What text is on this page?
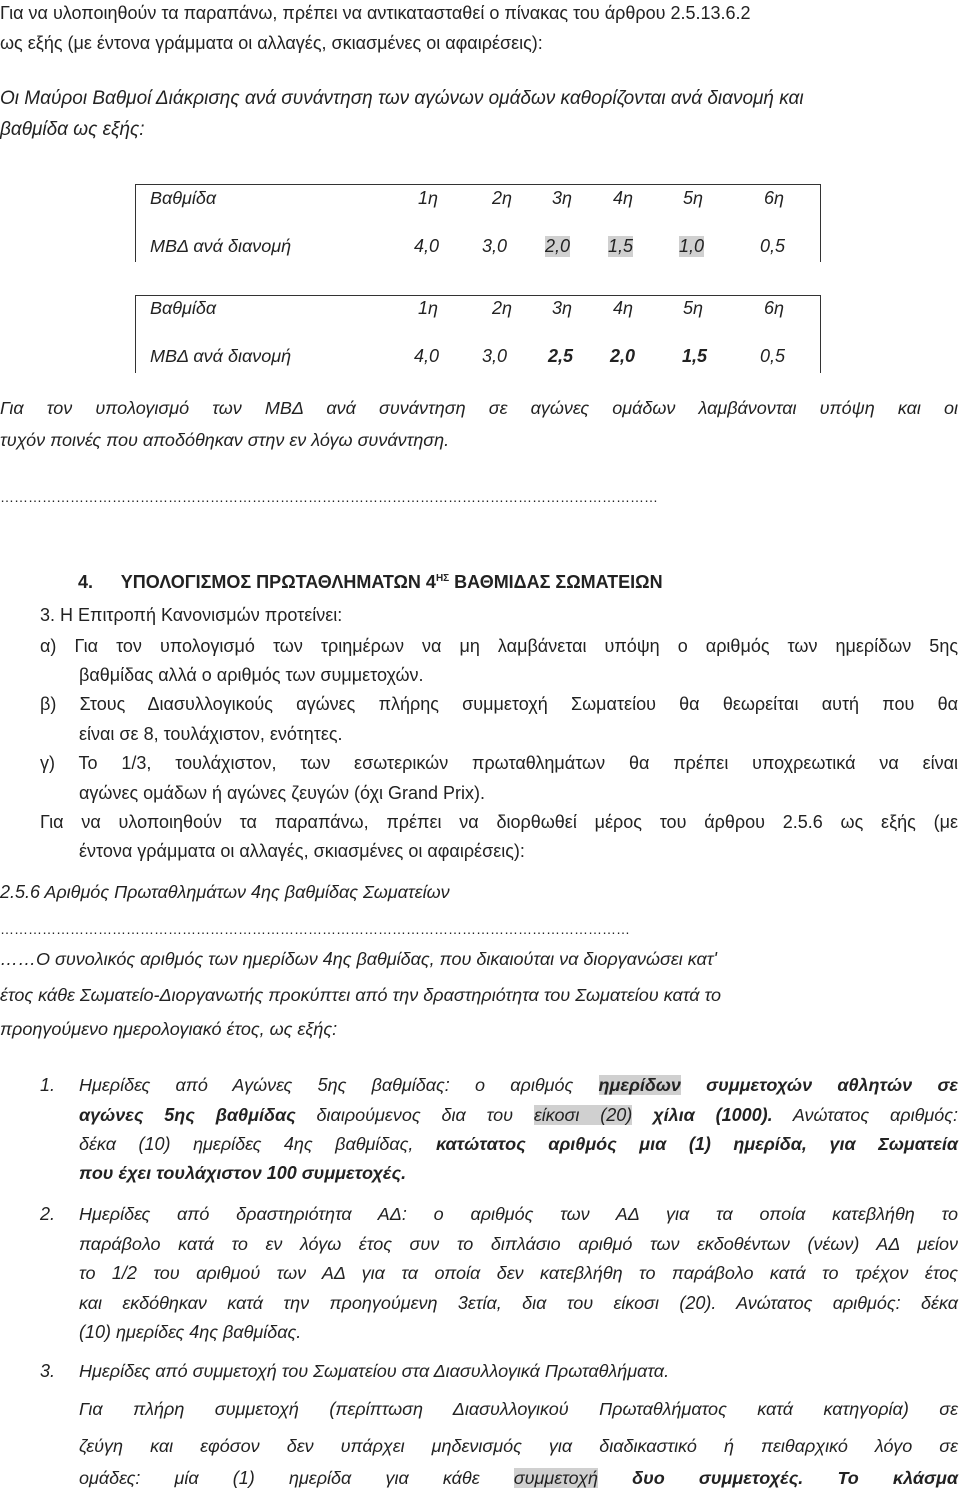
Για να υλοποιηθούν τα παραπάνω, πρέπει να αντικατασταθεί ο πίνακας του άρθρου 2.5.13.6.2
ως εξής (με έντονα γράμματα οι αλλαγές, σκιασμένες οι αφαιρέσεις):
Οι Μαύροι Βαθμοί Διάκρισης ανά συνάντηση των αγώνων ομάδων καθορίζονται ανά διανομή και
βαθμίδα ως εξής:
Βαθμίδα	1η	2η 3η 4η	5η	6η
ΜΒΔ ανά διανομή	4,0 3,0 2,0 1,5	1,0	0,5
Βαθμίδα	1η	2η 3η 4η	5η	6η
ΜΒΔ ανά διανομή	4,0 3,0 2,5 2,0	1,5	0,5
Για τον υπολογισμό των ΜΒΔ ανά συνάντηση σε αγώνες ομάδων λαμβάνονται υπόψη και οι
τυχόν ποινές που αποδόθηκαν στην εν λόγω συνάντηση.
……………………………………………………………………………………………………………………………
4. ΥΠΟΛΟΓΙΣΜΟΣ ΠΡΩΤΑΘΛΗΜΑΤΩΝ $4^{H\Sigma}$ ΒΑΘΜΙΔΑΣ ΣΩΜΑΤΕΙΩΝ
3. Η Επιτροπή Κανονισμών προτείνει:
α) Για τον υπολογισμό των τριημέρων να μη λαμβάνεται υπόψη ο αριθμός των ημερίδων 5ης
βαθμίδας αλλά ο αριθμός των συμμετοχών.
β) Στους Διασυλλογικούς αγώνες πλήρης συμμετοχή Σωματείου θα θεωρείται αυτή που θα
είναι σε 8, τουλάχιστον, ενότητες.
γ) Το 1/3, τουλάχιστον, των εσωτερικών πρωταθλημάτων θα πρέπει υποχρεωτικά να είναι
αγώνες ομάδων ή αγώνες ζευγών (όχι Grand Prix).
Για να υλοποιηθούν τα παραπάνω, πρέπει να διορθωθεί μέρος του άρθρου 2.5.6 ως εξής (με
έντονα γράμματα οι αλλαγές, σκιασμένες οι αφαιρέσεις):
2.5.6 Αριθμός Πρωταθλημάτων 4ης βαθμίδας Σωματείων
………………………………………………………………………………………………………………………
……Ο συνολικός αριθμός των ημερίδων 4ης βαθμίδας, που δικαιούται να διοργανώσει κατ'
έτος κάθε Σωματείο-Διοργανωτής προκύπτει από την δραστηριότητα του Σωματείου κατά το
προηγούμενο ημερολογιακό έτος, ως εξής:
1. Ημερίδες από Αγώνες 5ης βαθμίδας: ο αριθμός ημερίδων συμμετοχών αθλητών σε
αγώνες 5ης βαθμίδας διαιρούμενος δια του είκοσι (20) χίλια (1000). Ανώτατος αριθμός:
δέκα (10) ημερίδες 4ης βαθμίδας, κατώτατος αριθμός μια (1) ημερίδα, για Σωματεία
που έχει τουλάχιστον 100 συμμετοχές.
2. Ημερίδες από δραστηριότητα ΑΔ: ο αριθμός των ΑΔ για τα οποία κατεβλήθη το
παράβολο κατά το εν λόγω έτος συν το διπλάσιο αριθμό των εκδοθέντων (νέων) ΑΔ μείον
το 1/2 του αριθμού των ΑΔ για τα οποία δεν κατεβλήθη το παράβολο κατά το τρέχον έτος
και εκδόθηκαν κατά την προηγούμενη 3ετία, δια του είκοσι (20). Ανώτατος αριθμός: δέκα
(10) ημερίδες 4ης βαθμίδας.
3. Ημερίδες από συμμετοχή του Σωματείου στα Διασυλλογικά Πρωταθλήματα.
Για πλήρη συμμετοχή (περίπτωση Διασυλλογικού Πρωταθλήματος κατά κατηγορία) σε
ζεύγη και εφόσον δεν υπάρχει μηδενισμός για διαδικαστικό ή πειθαρχικό λόγο σε
ομάδες: μία (1) ημερίδα για κάθε συμμετοχή δυο συμμετοχές. Το κλάσμα
